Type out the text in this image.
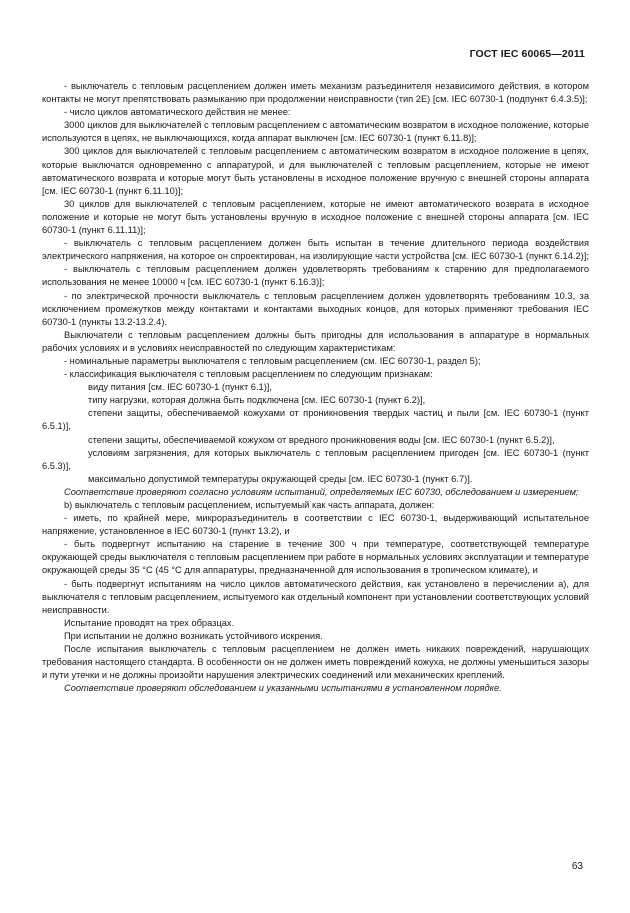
ГОСТ IEC 60065—2011

- выключатель с тепловым расцеплением должен иметь механизм разъединителя независимого действия, в котором контакты не могут препятствовать размыканию при продолжении неисправности (тип 2Е) [см. IEC 60730-1 (подпункт 6.4.3.5)];

- число циклов автоматического действия не менее:

3000 циклов для выключателей с тепловым расцеплением с автоматическим возвратом в исходное положение, которые используются в цепях, не выключающихся, когда аппарат выключен [см. IEC 60730-1 (пункт 6.11.8)];

300 циклов для выключателей с тепловым расцеплением с автоматическим возвратом в исходное положение в цепях, которые выключатся одновременно с аппаратурой, и для выключателей с тепловым расцеплением, которые не имеют автоматического возврата и которые могут быть установлены в исходное положение вручную с внешней стороны аппарата [см. IEC 60730-1 (пункт 6.11.10)];

30 циклов для выключателей с тепловым расцеплением, которые не имеют автоматического возврата в исходное положение и которые не могут быть установлены вручную в исходное положение с внешней стороны аппарата [см. IEC 60730-1 (пункт 6.11.11)];

- выключатель с тепловым расцеплением должен быть испытан в течение длительного периода воздействия электрического напряжения, на которое он спроектирован, на изолирующие части устройства [см. IEC 60730-1 (пункт 6.14.2)];

- выключатель с тепловым расцеплением должен удовлетворять требованиям к старению для предполагаемого использования не менее 10000 ч [см. IEC 60730-1 (пункт 6.16.3)];

- по электрической прочности выключатель с тепловым расцеплением должен удовлетворять требованиям 10.3, за исключением промежутков между контактами и контактами выходных концов, для которых применяют требования IEC 60730-1 (пункты 13.2-13.2.4).

Выключатели с тепловым расцеплением должны быть пригодны для использования в аппаратуре в нормальных рабочих условиях и в условиях неисправностей по следующим характеристикам:

- номинальные параметры выключателя с тепловым расцеплением (см. IEC 60730-1, раздел 5);

- классификация выключателя с тепловым расцеплением по следующим признакам:

виду питания [см. IEC 60730-1 (пункт 6.1)],

типу нагрузки, которая должна быть подключена [см. IEC 60730-1 (пункт 6.2)],

степени защиты, обеспечиваемой кожухами от проникновения твердых частиц и пыли [см. IEC 60730-1 (пункт 6.5.1)],

степени защиты, обеспечиваемой кожухом от вредного проникновения воды [см. IEC 60730-1 (пункт 6.5.2)],

условиям загрязнения, для которых выключатель с тепловым расцеплением пригоден [см. IEC 60730-1 (пункт 6.5.3)],

максимально допустимой температуры окружающей среды [см. IEC 60730-1 (пункт 6.7)].

Соответствие проверяют согласно условиям испытаний, определяемых IEC 60730, обследованием и измерением;

b) выключатель с тепловым расцеплением, испытуемый как часть аппарата, должен:

- иметь, по крайней мере, микроразъединитель в соответствии с IEC 60730-1, выдерживающий испытательное напряжение, установленное в IEC 60730-1 (пункт 13.2), и

- быть подвергнут испытанию на старение в течение 300 ч при температуре, соответствующей температуре окружающей среды выключателя с тепловым расцеплением при работе в нормальных условиях эксплуатации и температуре окружающей среды 35 °С (45 °С для аппаратуры, предназначенной для использования в тропическом климате), и

- быть подвергнут испытаниям на число циклов автоматического действия, как установлено в перечислении а), для выключателя с тепловым расцеплением, испытуемого как отдельный компонент при установлении соответствующих условий неисправности.

Испытание проводят на трех образцах.

При испытании не должно возникать устойчивого искрения.

После испытания выключатель с тепловым расцеплением не должен иметь никаких повреждений, нарушающих требования настоящего стандарта. В особенности он не должен иметь повреждений кожуха, не должны уменьшиться зазоры и пути утечки и не должны произойти нарушения электрических соединений или механических креплений.

Соответствие проверяют обследованием и указанными испытаниями в установленном порядке.

63
